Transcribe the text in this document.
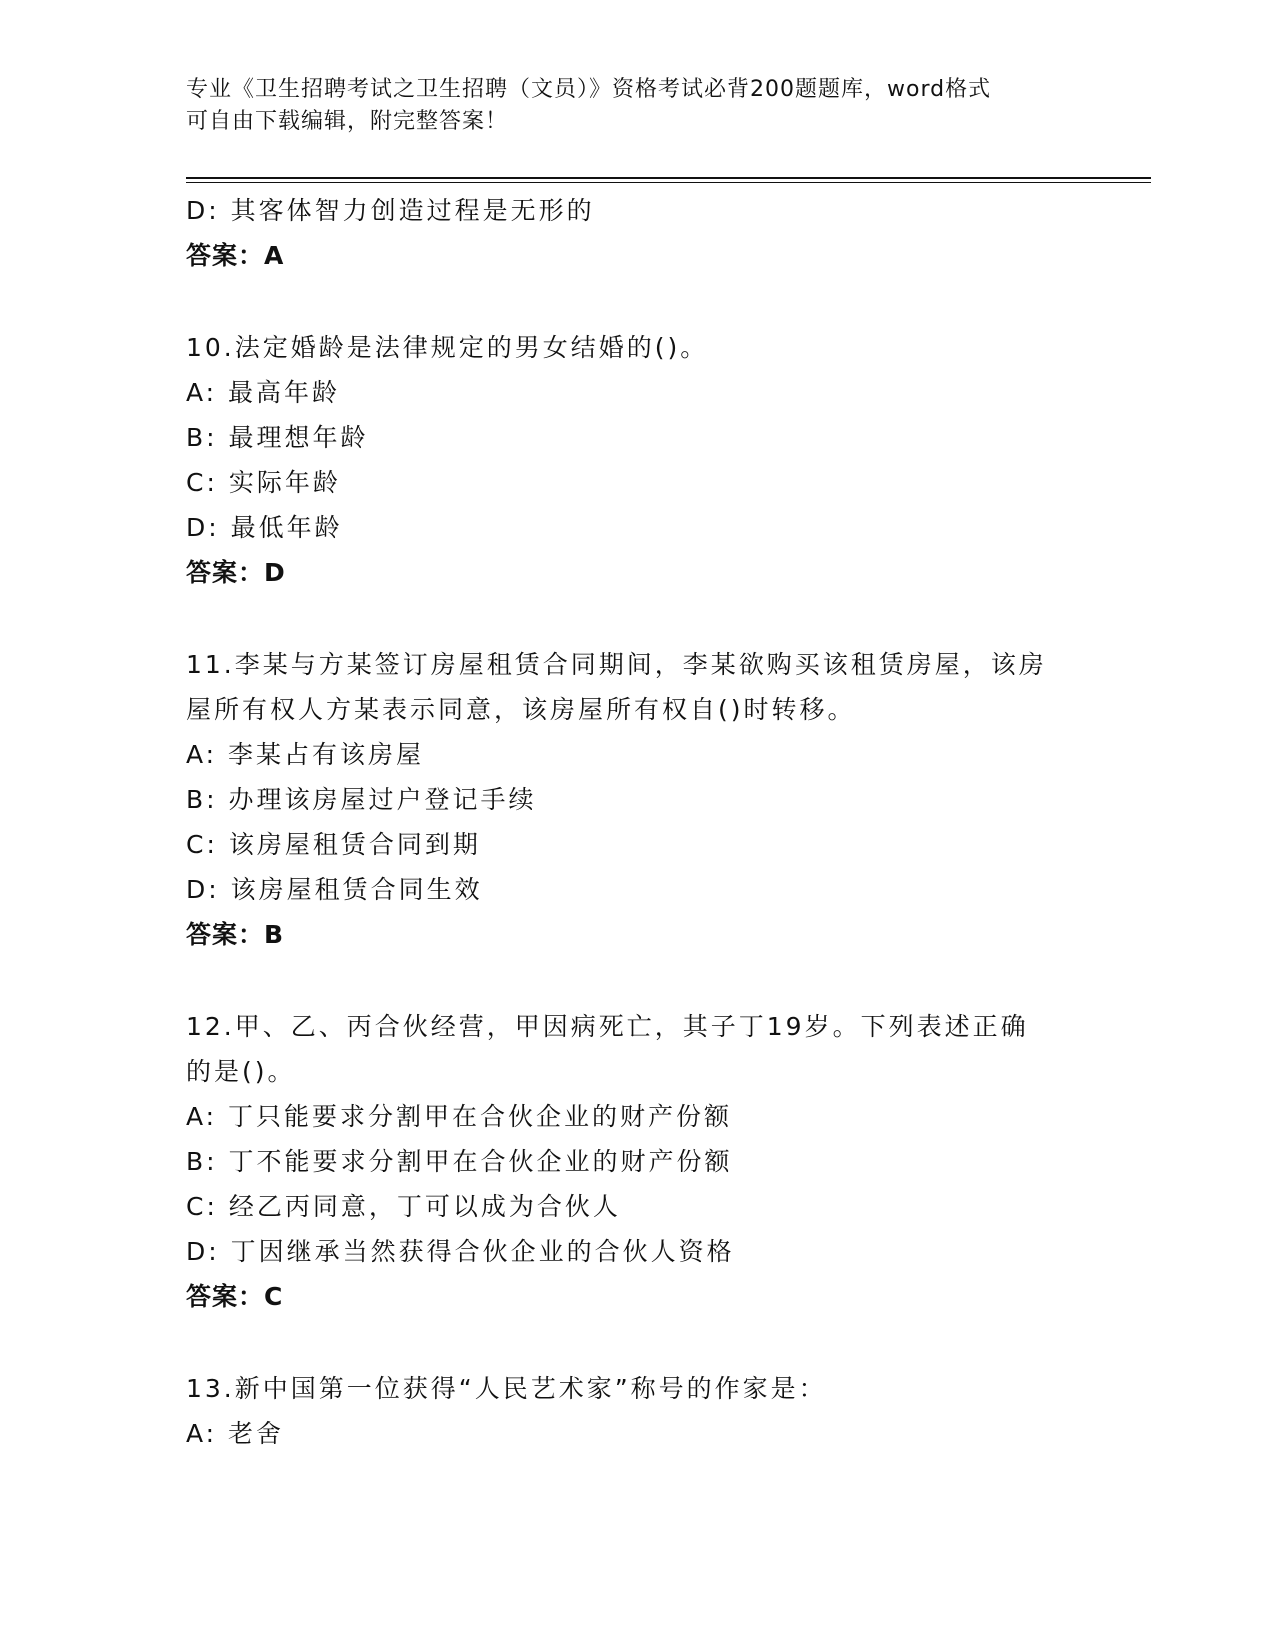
专业《卫生招聘考试之卫生招聘（文员）》资格考试必背200题题库，word格式
可自由下载编辑，附完整答案！
D: 其客体智力创造过程是无形的
答案：A
10.法定婚龄是法律规定的男女结婚的()。
A: 最高年龄
B: 最理想年龄
C: 实际年龄
D: 最低年龄
答案：D
11.李某与方某签订房屋租赁合同期间，李某欲购买该租赁房屋，该房
屋所有权人方某表示同意，该房屋所有权自()时转移。
A: 李某占有该房屋
B: 办理该房屋过户登记手续
C: 该房屋租赁合同到期
D: 该房屋租赁合同生效
答案：B
12.甲、乙、丙合伙经营，甲因病死亡，其子丁19岁。下列表述正确
的是()。
A: 丁只能要求分割甲在合伙企业的财产份额
B: 丁不能要求分割甲在合伙企业的财产份额
C: 经乙丙同意，丁可以成为合伙人
D: 丁因继承当然获得合伙企业的合伙人资格
答案：C
13.新中国第一位获得“人民艺术家”称号的作家是：
A: 老舍
